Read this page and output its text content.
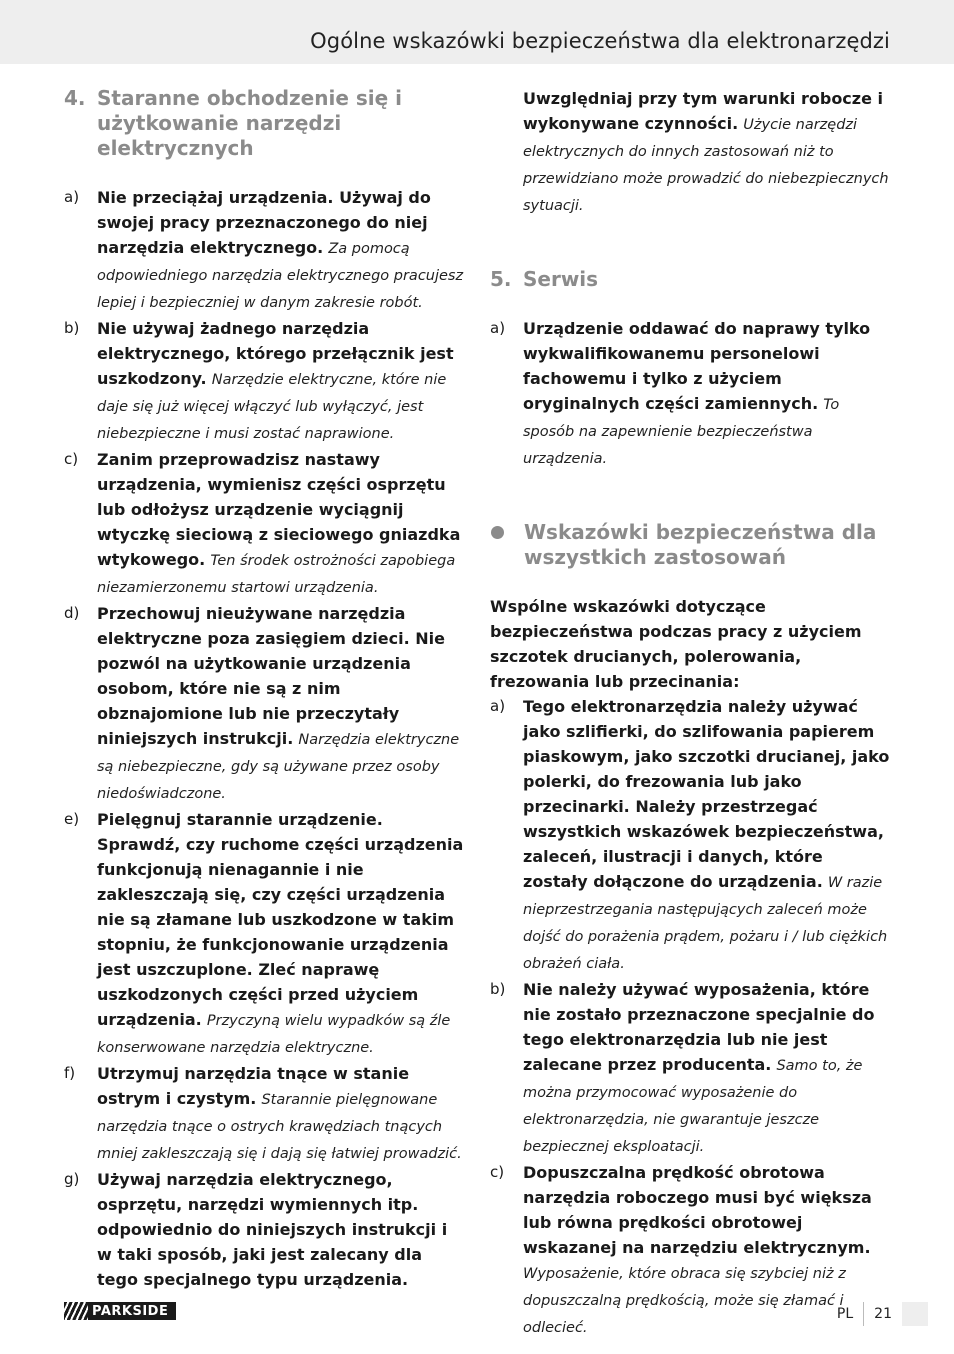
Ogólne wskazówki bezpieczeństwa dla elektronarzędzi
4. Staranne obchodzenie się i użytkowanie narzędzi elektrycznych
a)	Nie przeciążaj urządzenia. Używaj do swojej pracy przeznaczonego do niej narzędzia elektrycznego. Za pomocą odpowiedniego narzędzia elektrycznego pracujesz lepiej i bezpieczniej w danym zakresie robót.
b)	Nie używaj żadnego narzędzia elektrycznego, którego przełącznik jest uszkodzony. Narzędzie elektryczne, które nie daje się już więcej włączyć lub wyłączyć, jest niebezpieczne i musi zostać naprawione.
c)	Zanim przeprowadzisz nastawy urządzenia, wymienisz części osprzętu lub odłożysz urządzenie wyciągnij wtyczkę sieciową z sieciowego gniazdka wtykowego. Ten środek ostrożności zapobiega niezamierzonemu startowi urządzenia.
d)	Przechowuj nieużywane narzędzia elektryczne poza zasięgiem dzieci. Nie pozwól na użytkowanie urządzenia osobom, które nie są z nim obznajomione lub nie przeczytały niniejszych instrukcji. Narzędzia elektryczne są niebezpieczne, gdy są używane przez osoby niedoświadczone.
e)	Pielęgnuj starannie urządzenie. Sprawdź, czy ruchome części urządzenia funkcjonują nienagannie i nie zakleszczają się, czy części urządzenia nie są złamane lub uszkodzone w takim stopniu, że funkcjonowanie urządzenia jest uszczuplone. Zleć naprawę uszkodzonych części przed użyciem urządzenia. Przyczyną wielu wypadków są źle konserwowane narzędzia elektryczne.
f)	Utrzymuj narzędzia tnące w stanie ostrym i czystym. Starannie pielęgnowane narzędzia tnące o ostrych krawędziach tnących mniej zakleszczają się i dają się łatwiej prowadzić.
g)	Używaj narzędzia elektrycznego, osprzętu, narzędzi wymiennych itp. odpowiednio do niniejszych instrukcji i w taki sposób, jaki jest zalecany dla tego specjalnego typu urządzenia.
Uwzględniaj przy tym warunki robocze i wykonywane czynności. Użycie narzędzi elektrycznych do innych zastosowań niż to przewidziano może prowadzić do niebezpiecznych sytuacji.
5. Serwis
a)	Urządzenie oddawać do naprawy tylko wykwalifikowanemu personelowi fachowemu i tylko z użyciem oryginalnych części zamiennych. To sposób na zapewnienie bezpieczeństwa urządzenia.
Wskazówki bezpieczeństwa dla wszystkich zastosowań
Wspólne wskazówki dotyczące bezpieczeństwa podczas pracy z użyciem szczotek drucianych, polerowania, frezowania lub przecinania:
a)	Tego elektronarzędzia należy używać jako szlifierki, do szlifowania papierem piaskowym, jako szczotki drucianej, jako polerki, do frezowania lub jako przecinarki. Należy przestrzegać wszystkich wskazówek bezpieczeństwa, zaleceń, ilustracji i danych, które zostały dołączone do urządzenia. W razie nieprzestrzegania następujących zaleceń może dojść do porażenia prądem, pożaru i / lub ciężkich obrażeń ciała.
b)	Nie należy używać wyposażenia, które nie zostało przeznaczone specjalnie do tego elektronarzędzia lub nie jest zalecane przez producenta. Samo to, że można przymocować wyposażenie do elektronarzędzia, nie gwarantuje jeszcze bezpiecznej eksploatacji.
c)	Dopuszczalna prędkość obrotowa narzędzia roboczego musi być większa lub równa prędkości obrotowej wskazanej na narzędziu elektrycznym. Wyposażenie, które obraca się szybciej niż z dopuszczalną prędkością, może się złamać i odlecieć.
PARKSIDE	PL	21
